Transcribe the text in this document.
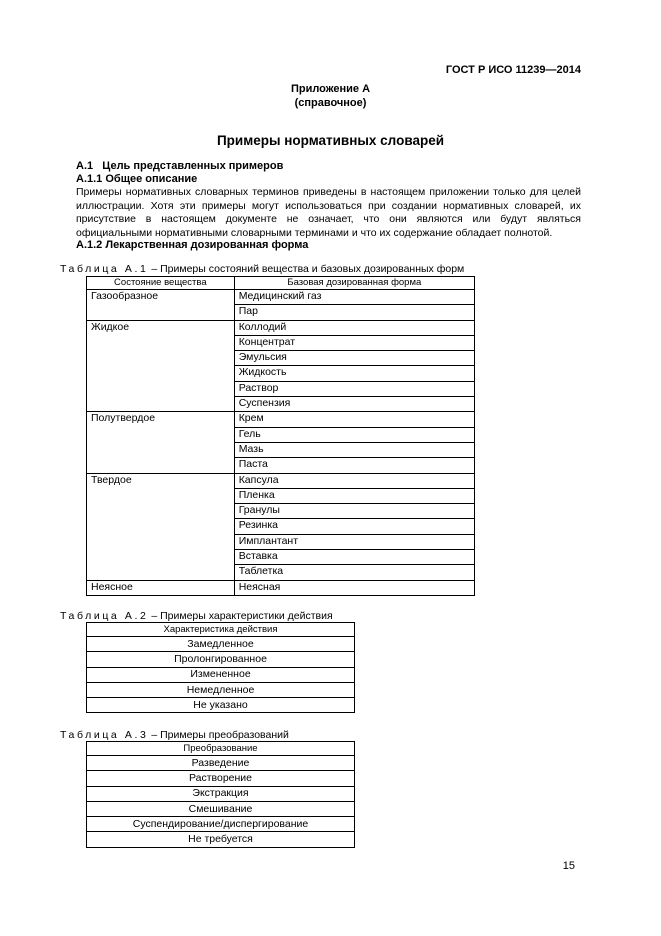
ГОСТ Р ИСО 11239—2014
Приложение А
(справочное)
Примеры нормативных словарей
А.1   Цель представленных примеров
А.1.1 Общее описание
Примеры нормативных словарных терминов приведены в настоящем приложении только для целей иллюстрации. Хотя эти примеры могут использоваться при создании нормативных словарей, их присутствие в настоящем документе не означает, что они являются или будут являться официальными нормативными словарными терминами и что их содержание обладает полнотой.
А.1.2 Лекарственная дозированная форма
Таблица А.1 – Примеры состояний вещества и базовых дозированных форм
Состояние вещества	Базовая дозированная форма
Газообразное	Медицинский газ
	Пар
Жидкое	Коллодий
	Концентрат
	Эмульсия
	Жидкость
	Раствор
	Суспензия
Полутвердое	Крем
	Гель
	Мазь
	Паста
Твердое	Капсула
	Пленка
	Гранулы
	Резинка
	Имплантант
	Вставка
	Таблетка
Неясное	Неясная
Таблица А.2 – Примеры характеристики действия
Характеристика действия
Замедленное
Пролонгированное
Измененное
Немедленное
Не указано
Таблица А.3 – Примеры преобразований
Преобразование
Разведение
Растворение
Экстракция
Смешивание
Суспендирование/диспергирование
Не требуется
15
